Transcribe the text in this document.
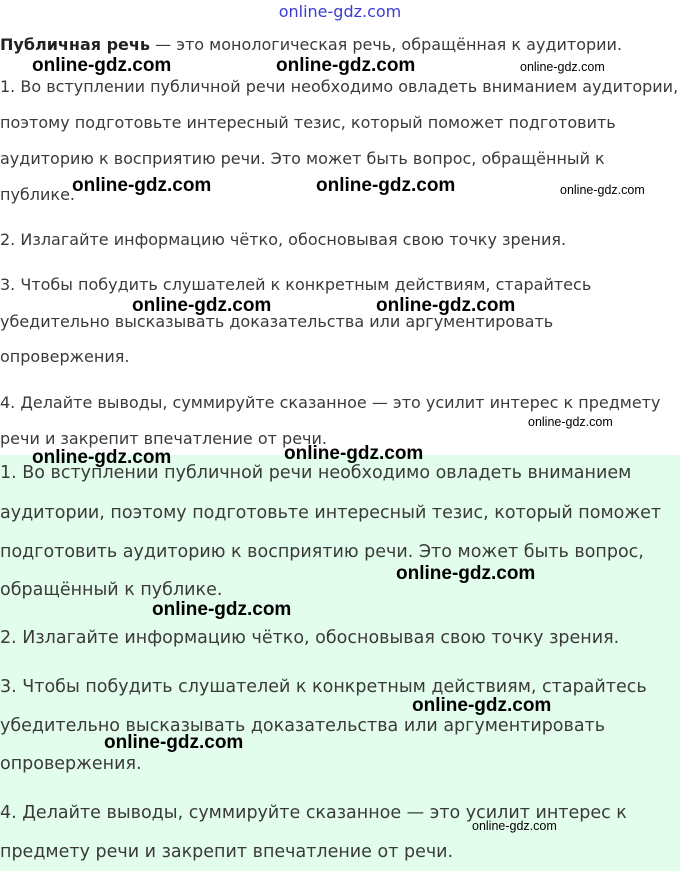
online-gdz.com

Публичная речь — это монологическая речь, обращённая к аудитории.

1. Во вступлении публичной речи необходимо овладеть вниманием аудитории,
поэтому подготовьте интересный тезис, который поможет подготовить
аудиторию к восприятию речи. Это может быть вопрос, обращённый к
публике.
2. Излагайте информацию чётко, обосновывая свою точку зрения.
3. Чтобы побудить слушателей к конкретным действиям, старайтесь
убедительно высказывать доказательства или аргументировать
опровержения.
4. Делайте выводы, суммируйте сказанное — это усилит интерес к предмету
речи и закрепит впечатление от речи.
1. Во вступлении публичной речи необходимо овладеть вниманием
аудитории, поэтому подготовьте интересный тезис, который поможет
подготовить аудиторию к восприятию речи. Это может быть вопрос,
обращённый к публике.
2. Излагайте информацию чётко, обосновывая свою точку зрения.
3. Чтобы побудить слушателей к конкретным действиям, старайтесь
убедительно высказывать доказательства или аргументировать
опровержения.
4. Делайте выводы, суммируйте сказанное — это усилит интерес к
предмету речи и закрепит впечатление от речи.
online-gdz.com	online-gdz.com	online-gdz.com
online-gdz.com	online-gdz.com	online-gdz.com
online-gdz.com	online-gdz.com
online-gdz.com
online-gdz.com	online-gdz.com
online-gdz.com
online-gdz.com
online-gdz.com
online-gdz.com
online-gdz.com
